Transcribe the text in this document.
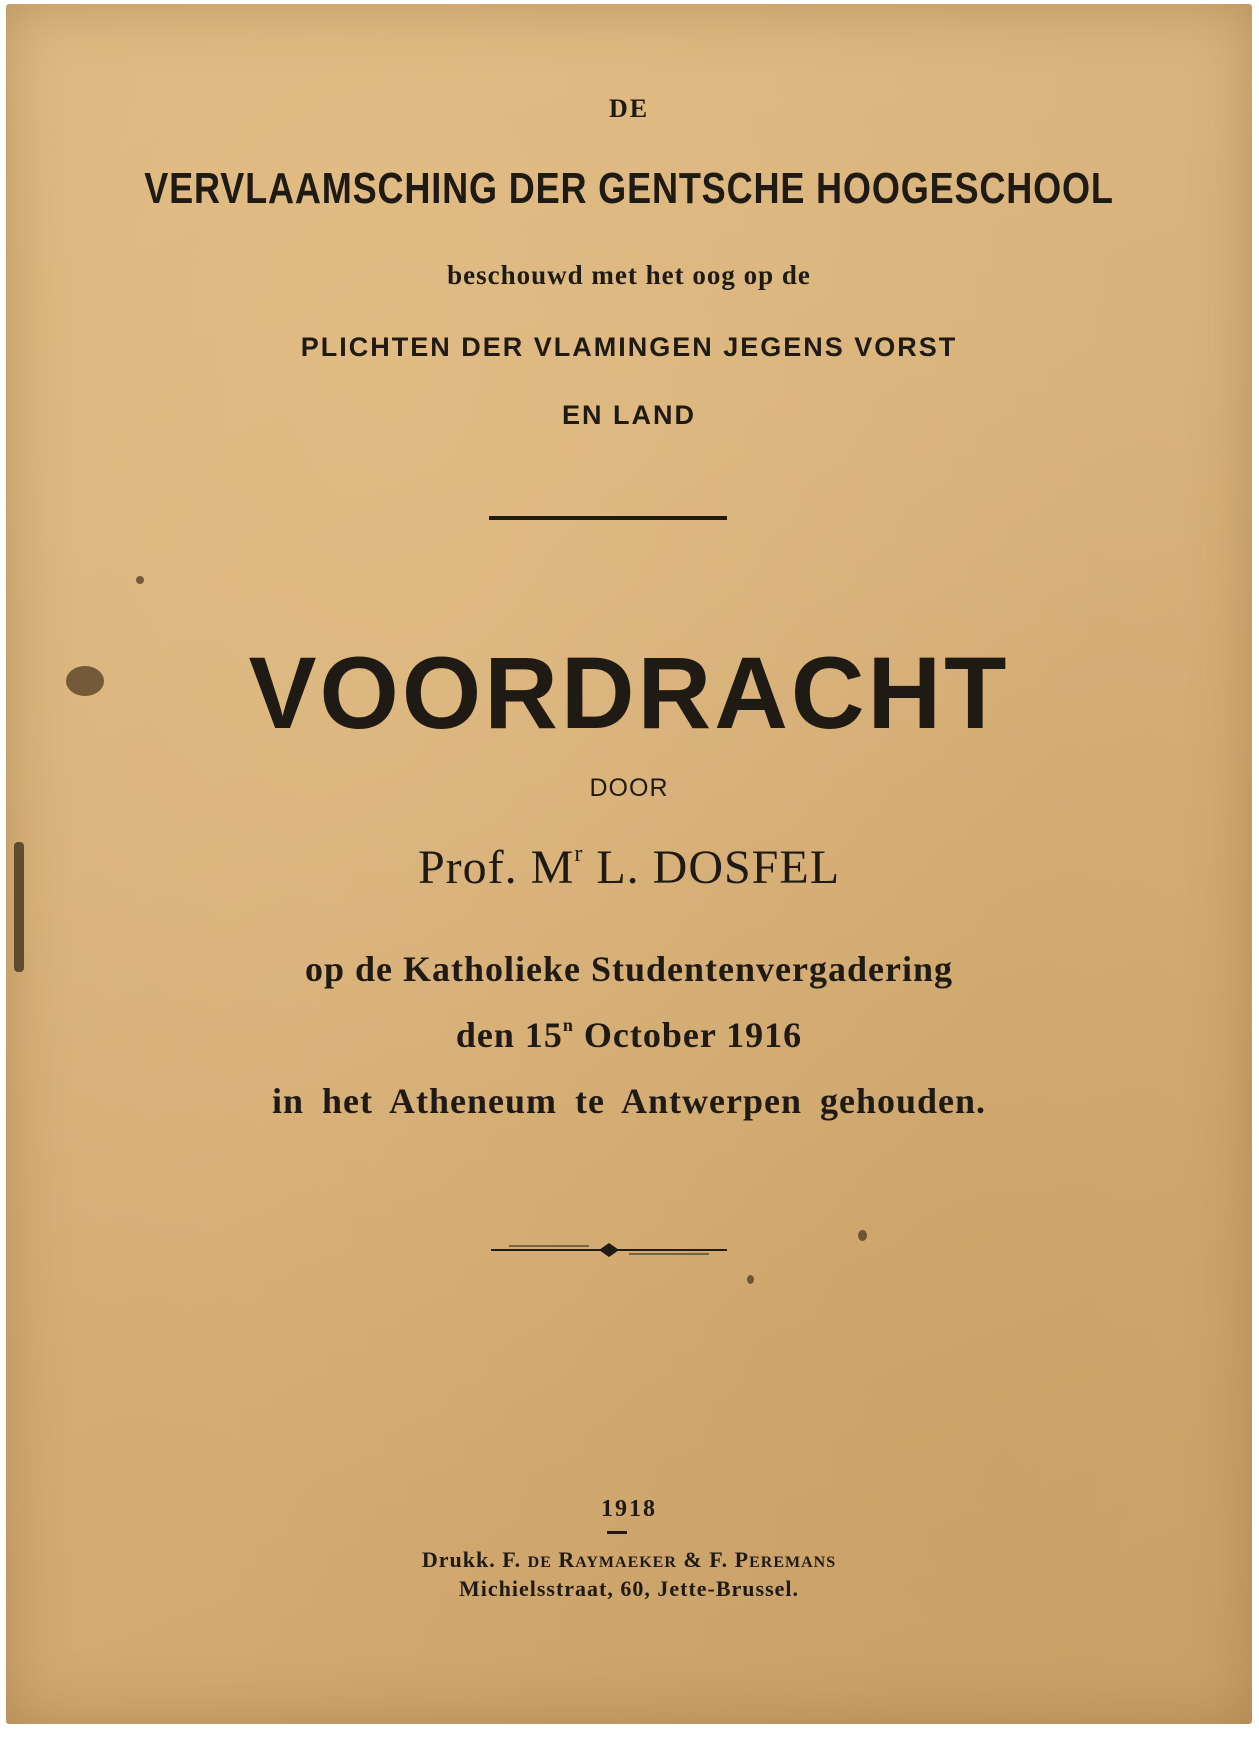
DE
VERVLAAMSCHING DER GENTSCHE HOOGESCHOOL
beschouwd met het oog op de
PLICHTEN DER VLAMINGEN JEGENS VORST
EN LAND
VOORDRACHT
DOOR
Prof. $M^r$ L. DOSFEL
op de Katholieke Studentenvergadering
den 15$^n$ October 1916
in het Atheneum te Antwerpen gehouden.
1918
Drukk. F. DE RAYMAEKER & F. PEREMANS
Michielsstraat, 60, Jette-Brussel.
